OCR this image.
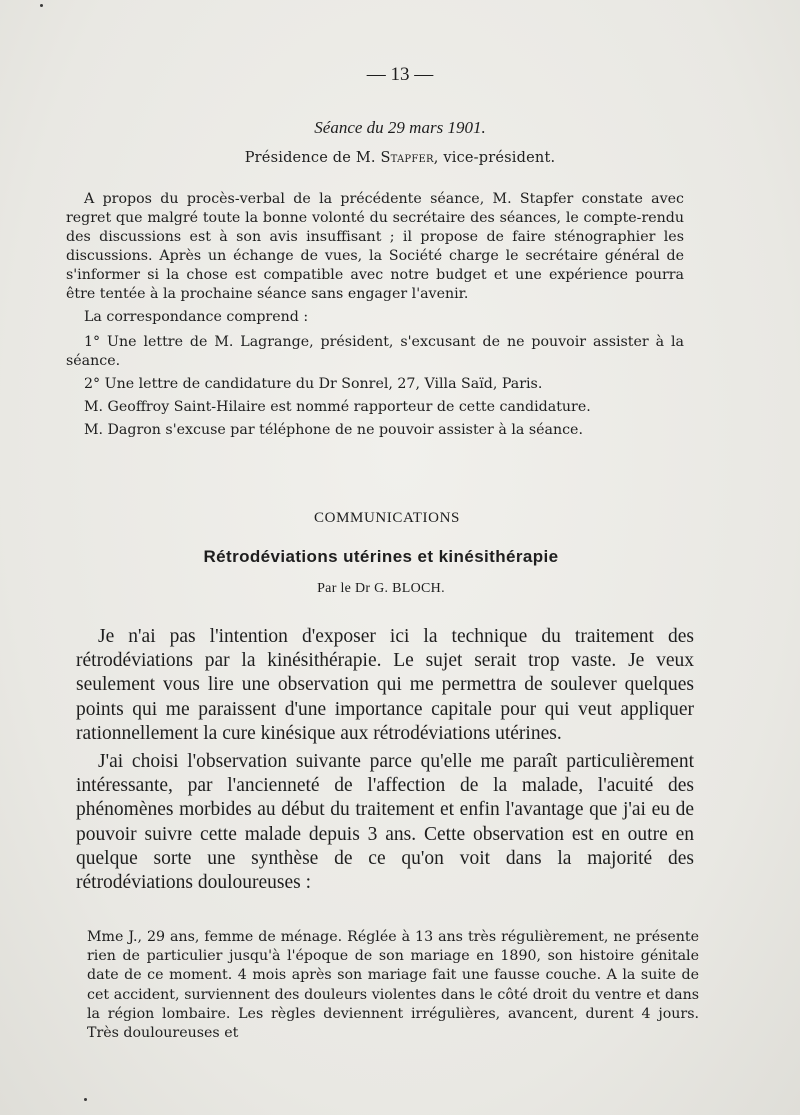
— 13 —
Séance du 29 mars 1901.
Présidence de M. Stapfer, vice-président.

A propos du procès-verbal de la précédente séance, M. Stapfer constate avec regret que malgré toute la bonne volonté du secrétaire des séances, le compte-rendu des discussions est à son avis insuffisant ; il propose de faire sténographier les discussions. Après un échange de vues, la Société charge le secrétaire général de s'informer si la chose est compatible avec notre budget et une expérience pourra être tentée à la prochaine séance sans engager l'avenir.

La correspondance comprend :

1° Une lettre de M. Lagrange, président, s'excusant de ne pouvoir assister à la séance.

2° Une lettre de candidature du Dr Sonrel, 27, Villa Saïd, Paris.

M. Geoffroy Saint-Hilaire est nommé rapporteur de cette candidature.

M. Dagron s'excuse par téléphone de ne pouvoir assister à la séance.

COMMUNICATIONS
Rétrodéviations utérines et kinésithérapie
Par le Dr G. BLOCH.

Je n'ai pas l'intention d'exposer ici la technique du traitement des rétrodéviations par la kinésithérapie. Le sujet serait trop vaste. Je veux seulement vous lire une observation qui me permettra de soulever quelques points qui me paraissent d'une importance capitale pour qui veut appliquer rationnellement la cure kinésique aux rétrodéviations utérines.

J'ai choisi l'observation suivante parce qu'elle me paraît particulièrement intéressante, par l'ancienneté de l'affection de la malade, l'acuité des phénomènes morbides au début du traitement et enfin l'avantage que j'ai eu de pouvoir suivre cette malade depuis 3 ans. Cette observation est en outre en quelque sorte une synthèse de ce qu'on voit dans la majorité des rétrodéviations douloureuses :

Mme J., 29 ans, femme de ménage. Réglée à 13 ans très régulièrement, ne présente rien de particulier jusqu'à l'époque de son mariage en 1890, son histoire génitale date de ce moment. 4 mois après son mariage fait une fausse couche. A la suite de cet accident, surviennent des douleurs violentes dans le côté droit du ventre et dans la région lombaire. Les règles deviennent irrégulières, avancent, durent 4 jours. Très douloureuses et
